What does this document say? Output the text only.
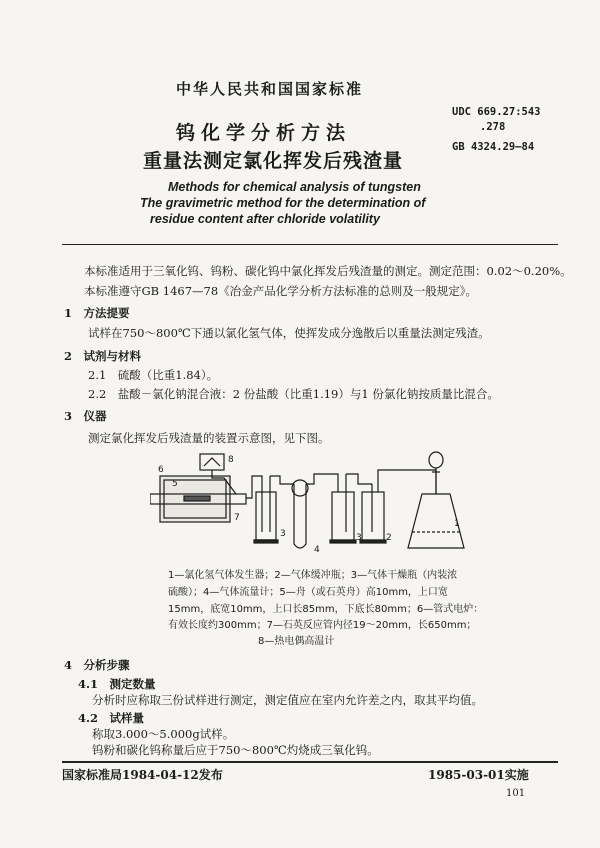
中华人民共和国国家标准
UDC 669.27:543
.278
GB 4324.29—84
钨化学分析方法
重量法测定氯化挥发后残渣量
Methods for chemical analysis of tungsten
The gravimetric method for the determination of
residue content after chloride volatility
本标准适用于三氧化钨、钨粉、碳化钨中氯化挥发后残渣量的测定。测定范围：0.02～0.20%。
本标准遵守GB 1467—78《冶金产品化学分析方法标准的总则及一般规定》。
1　方法提要
试样在750～800℃下通以氯化氢气体，使挥发成分逸散后以重量法测定残渣。
2　试剂与材料
2.1　硫酸（比重1.84）。
2.2　盐酸－氯化钠混合液：2 份盐酸（比重1.19）与1 份氯化钠按质量比混合。
3　仪器
测定氯化挥发后残渣量的装置示意图，见下图。
6
5
7
8
3
4
3	2
1
1—氯化氢气体发生器；2—气体缓冲瓶；3—气体干燥瓶（内装浓
硫酸）；4—气体流量计；5—舟（或石英舟）高10mm，上口宽
15mm，底宽10mm，上口长85mm，下底长80mm；6—管式电炉：
有效长度约300mm；7—石英反应管内径19～20mm，长650mm；
8—热电偶高温计
4　分析步骤
4.1　测定数量
分析时应称取三份试样进行测定，测定值应在室内允许差之内，取其平均值。
4.2　试样量
称取3.000～5.000g试样。
钨粉和碳化钨称量后应于750～800℃灼烧成三氧化钨。
国家标准局1984-04-12发布	1985-03-01实施
101
